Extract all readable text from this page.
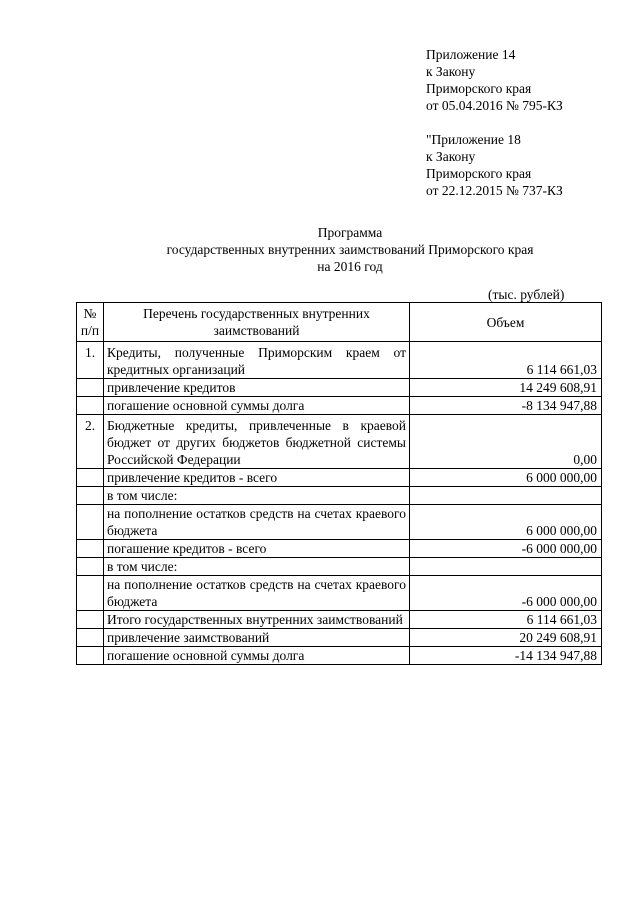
Приложение 14
к Закону
Приморского края
от 05.04.2016 № 795-КЗ
"Приложение 18
к Закону
Приморского края
от 22.12.2015 № 737-КЗ
Программа
государственных внутренних заимствований Приморского края
на 2016 год
(тыс. рублей)
№ п/п	Перечень государственных внутренних заимствований	Объем
1.	Кредиты, полученные Приморским краем от кредитных организаций	6 114 661,03
	привлечение кредитов	14 249 608,91
	погашение основной суммы долга	-8 134 947,88
2.	Бюджетные кредиты, привлеченные в краевой бюджет от других бюджетов бюджетной системы Российской Федерации	0,00
	привлечение кредитов - всего	6 000 000,00
	в том числе:	
	на пополнение остатков средств на счетах краевого бюджета	6 000 000,00
	погашение кредитов - всего	-6 000 000,00
	в том числе:	
	на пополнение остатков средств на счетах краевого бюджета	-6 000 000,00
	Итого государственных внутренних заимствований	6 114 661,03
	привлечение заимствований	20 249 608,91
	погашение основной суммы долга	-14 134 947,88
